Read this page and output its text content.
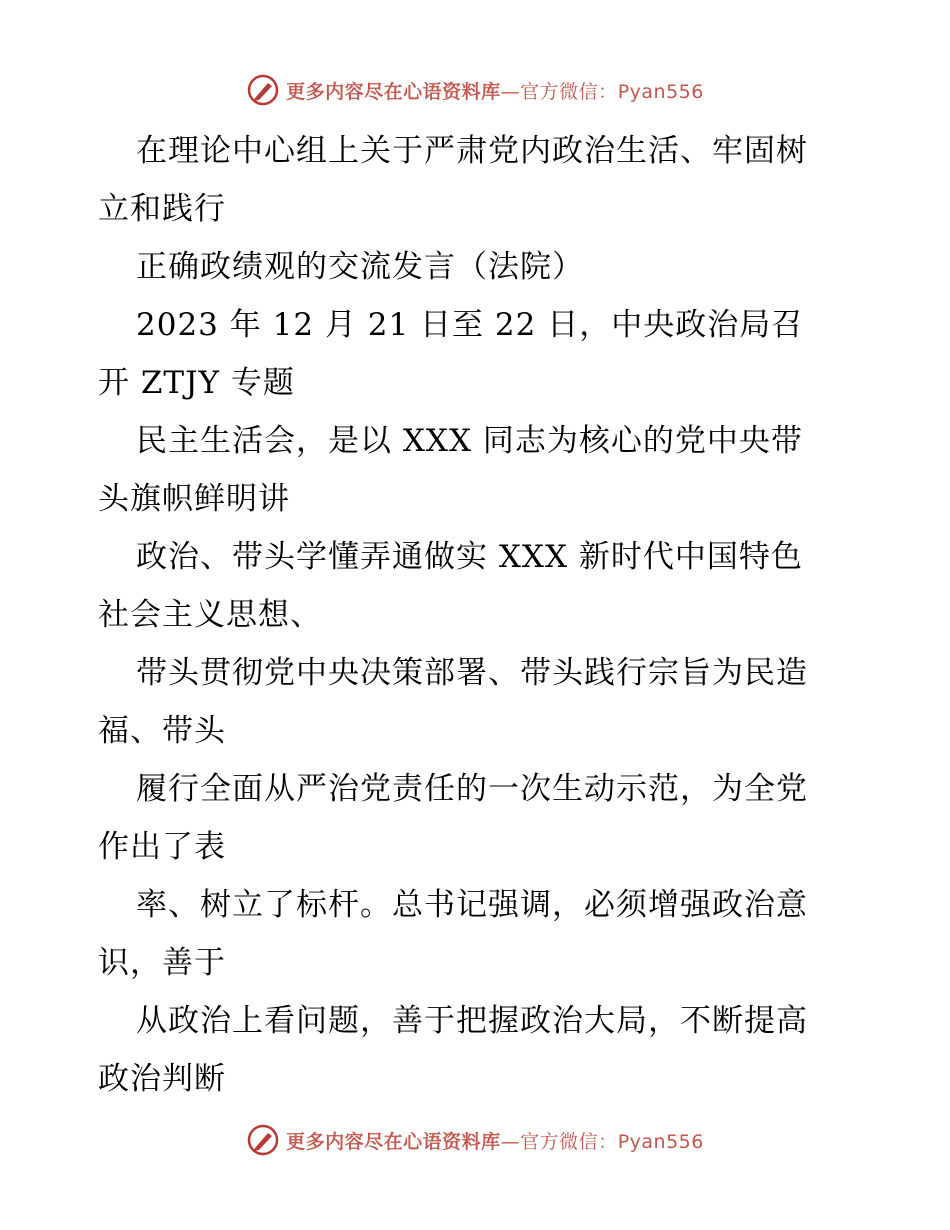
更多内容尽在心语资料库—官方微信：Pyan556
在理论中心组上关于严肃党内政治生活、牢固树
立和践行
正确政绩观的交流发言（法院）
2023 年 12 月 21 日至 22 日，中央政治局召
开 ZTJY 专题
民主生活会，是以 XXX 同志为核心的党中央带
头旗帜鲜明讲
政治、带头学懂弄通做实 XXX 新时代中国特色
社会主义思想、
带头贯彻党中央决策部署、带头践行宗旨为民造
福、带头
履行全面从严治党责任的一次生动示范，为全党
作出了表
率、树立了标杆。总书记强调，必须增强政治意
识，善于
从政治上看问题，善于把握政治大局，不断提高
政治判断
更多内容尽在心语资料库—官方微信：Pyan556
